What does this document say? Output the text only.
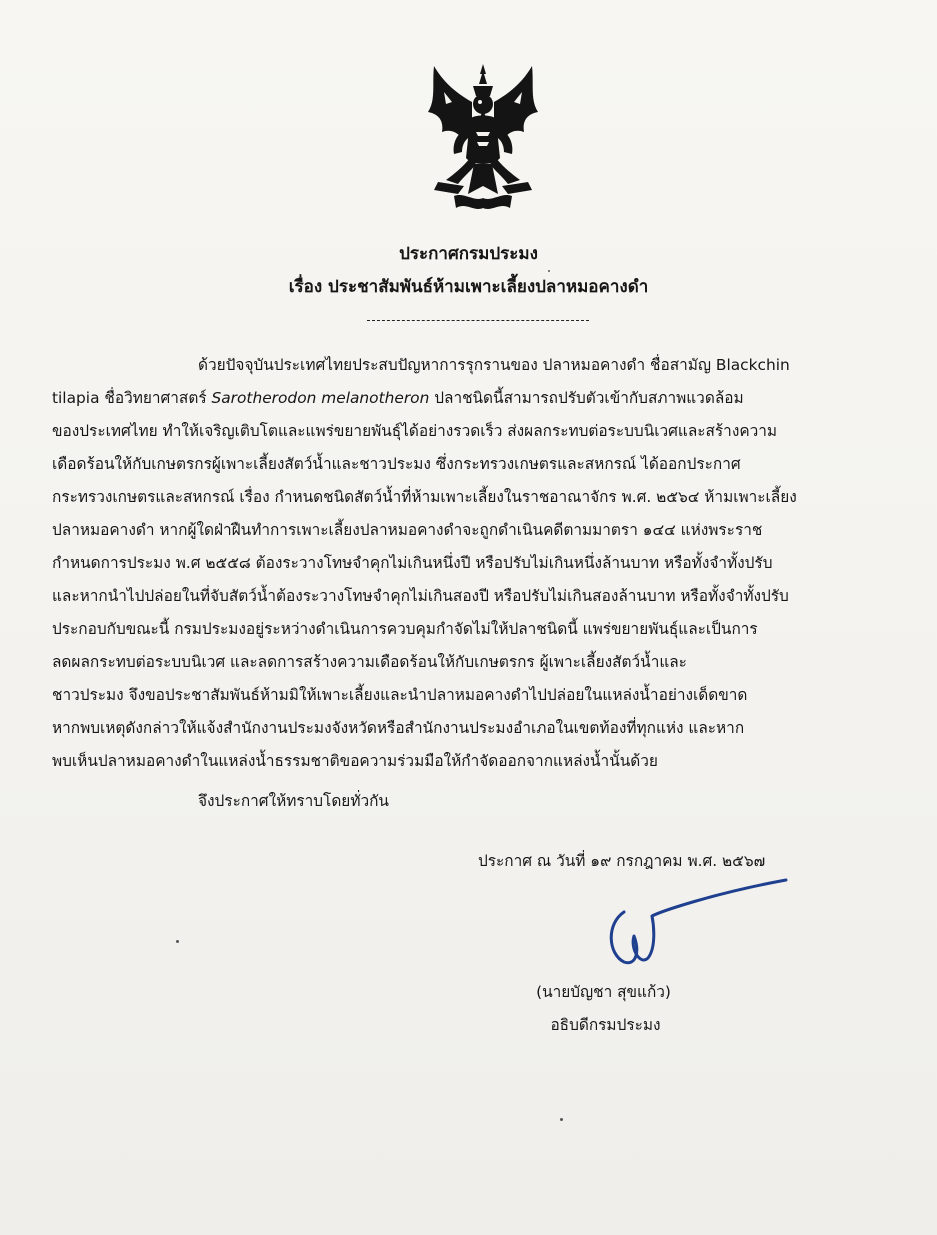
ประกาศกรมประมง
เรื่อง ประชาสัมพันธ์ห้ามเพาะเลี้ยงปลาหมอคางดำ
ด้วยปัจจุบันประเทศไทยประสบปัญหาการรุกรานของ ปลาหมอคางดำ ชื่อสามัญ Blackchin
tilapia ชื่อวิทยาศาสตร์ Sarotherodon melanotheron ปลาชนิดนี้สามารถปรับตัวเข้ากับสภาพแวดล้อม
ของประเทศไทย ทำให้เจริญเติบโตและแพร่ขยายพันธุ์ได้อย่างรวดเร็ว ส่งผลกระทบต่อระบบนิเวศและสร้างความ
เดือดร้อนให้กับเกษตรกรผู้เพาะเลี้ยงสัตว์น้ำและชาวประมง ซึ่งกระทรวงเกษตรและสหกรณ์ ได้ออกประกาศ
กระทรวงเกษตรและสหกรณ์ เรื่อง กำหนดชนิดสัตว์น้ำที่ห้ามเพาะเลี้ยงในราชอาณาจักร พ.ศ. ๒๕๖๔ ห้ามเพาะเลี้ยง
ปลาหมอคางดำ หากผู้ใดฝ่าฝืนทำการเพาะเลี้ยงปลาหมอคางดำจะถูกดำเนินคดีตามมาตรา ๑๔๔ แห่งพระราช
กำหนดการประมง พ.ศ ๒๕๕๘ ต้องระวางโทษจำคุกไม่เกินหนึ่งปี หรือปรับไม่เกินหนึ่งล้านบาท หรือทั้งจำทั้งปรับ
และหากนำไปปล่อยในที่จับสัตว์น้ำต้องระวางโทษจำคุกไม่เกินสองปี หรือปรับไม่เกินสองล้านบาท หรือทั้งจำทั้งปรับ
ประกอบกับขณะนี้ กรมประมงอยู่ระหว่างดำเนินการควบคุมกำจัดไม่ให้ปลาชนิดนี้ แพร่ขยายพันธุ์และเป็นการ
ลดผลกระทบต่อระบบนิเวศ และลดการสร้างความเดือดร้อนให้กับเกษตรกร ผู้เพาะเลี้ยงสัตว์น้ำและ
ชาวประมง จึงขอประชาสัมพันธ์ห้ามมิให้เพาะเลี้ยงและนำปลาหมอคางดำไปปล่อยในแหล่งน้ำอย่างเด็ดขาด
หากพบเหตุดังกล่าวให้แจ้งสำนักงานประมงจังหวัดหรือสำนักงานประมงอำเภอในเขตท้องที่ทุกแห่ง และหาก
พบเห็นปลาหมอคางดำในแหล่งน้ำธรรมชาติขอความร่วมมือให้กำจัดออกจากแหล่งน้ำนั้นด้วย
จึงประกาศให้ทราบโดยทั่วกัน
ประกาศ ณ วันที่ ๑๙ กรกฎาคม พ.ศ. ๒๕๖๗
(นายบัญชา สุขแก้ว)
อธิบดีกรมประมง
